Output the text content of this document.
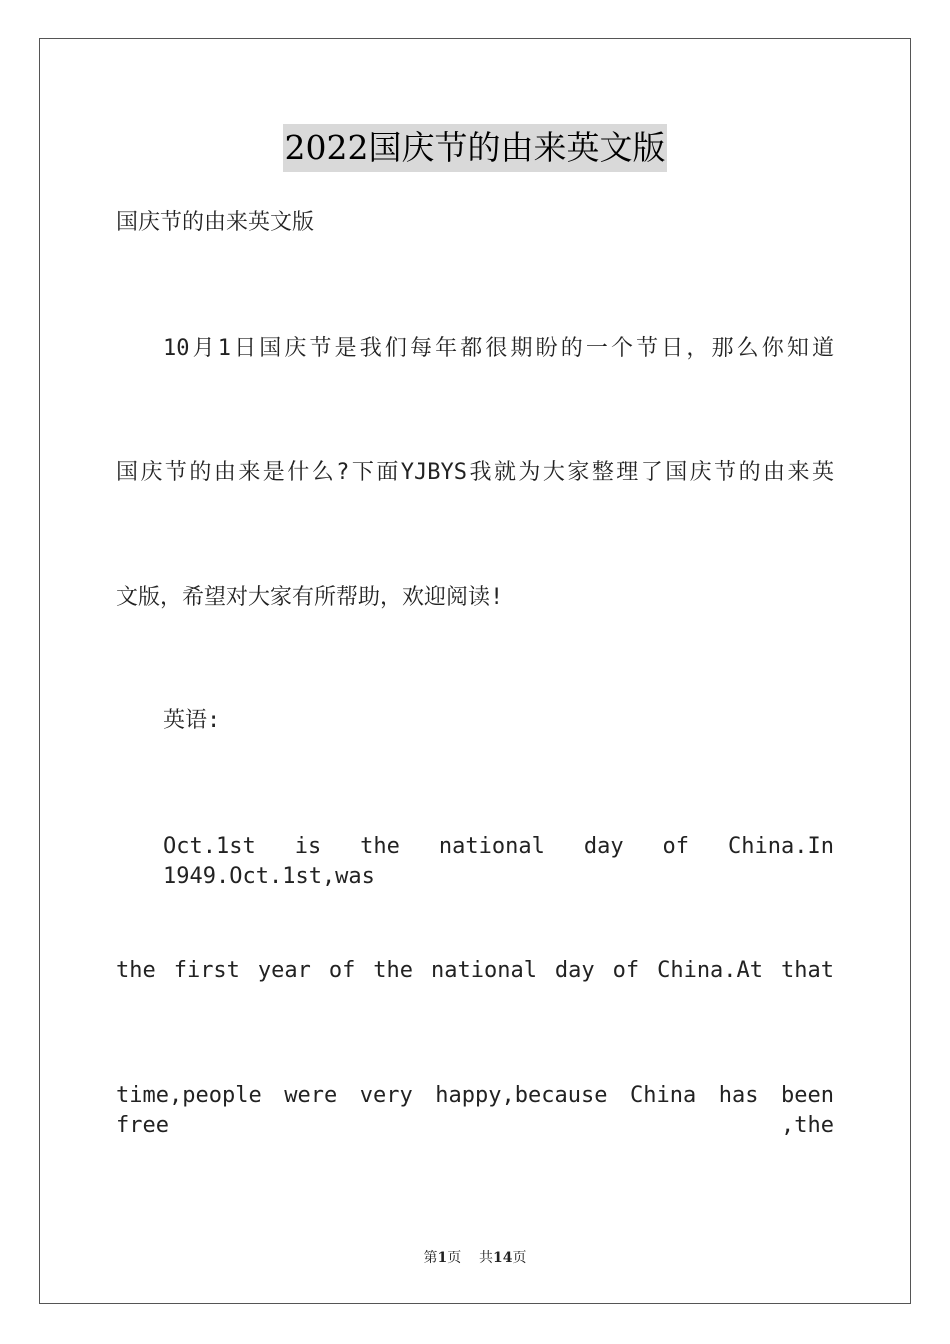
2022国庆节的由来英文版
国庆节的由来英文版
10月1日国庆节是我们每年都很期盼的一个节日，那么你知道
国庆节的由来是什么?下面YJBYS我就为大家整理了国庆节的由来英
文版，希望对大家有所帮助，欢迎阅读!
英语:
Oct.1st is the national day of China.In 1949.Oct.1st,was
the first year of the national day of China.At that
time,people were very happy,because China has been free ,the
第1页 共14页
